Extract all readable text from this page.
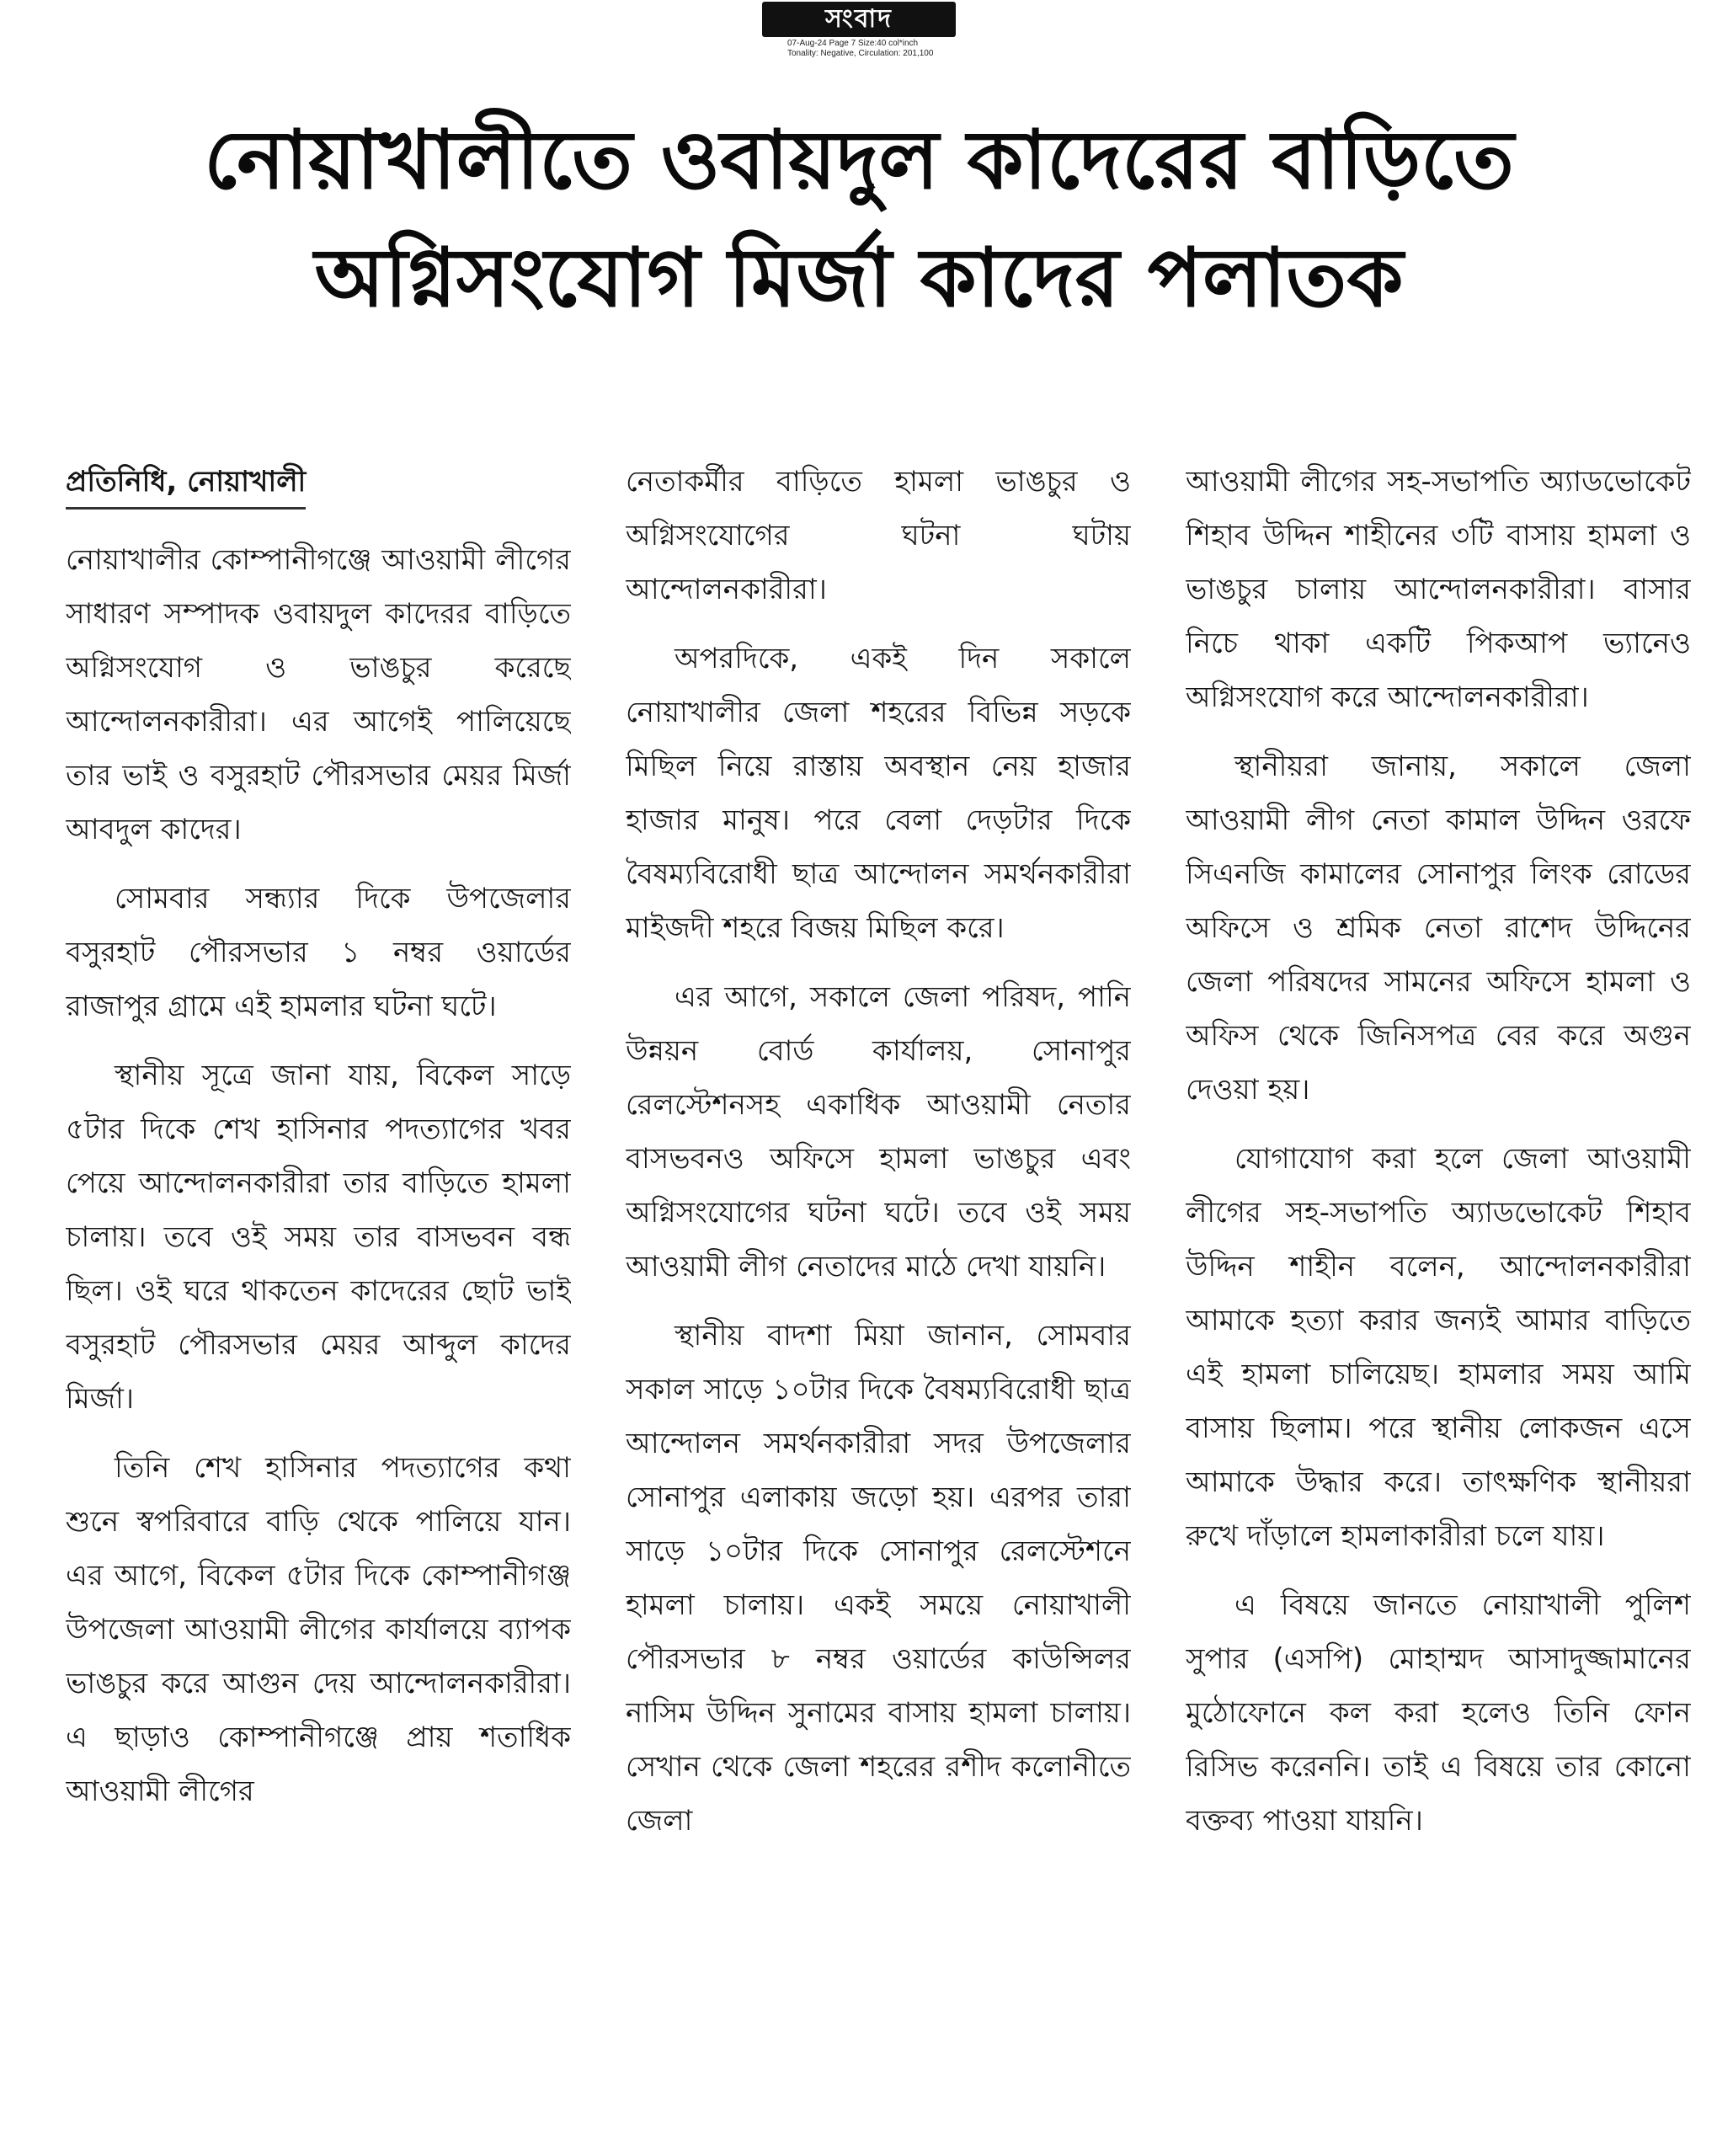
সংবাদ
07-Aug-24 Page 7 Size:40 col*inch
Tonality: Negative, Circulation: 201,100
নোয়াখালীতে ওবায়দুল কাদেরের বাড়িতে
অগ্নিসংযোগ মির্জা কাদের পলাতক
প্রতিনিধি, নোয়াখালী

নোয়াখালীর কোম্পানীগঞ্জে আওয়ামী লীগের সাধারণ সম্পাদক ওবায়দুল কাদেরর বাড়িতে অগ্নিসংযোগ ও ভাঙচুর করেছে আন্দোলনকারীরা। এর আগেই পালিয়েছে তার ভাই ও বসুরহাট পৌরসভার মেয়র মির্জা আবদুল কাদের।

সোমবার সন্ধ্যার দিকে উপজেলার বসুরহাট পৌরসভার ১ নম্বর ওয়ার্ডের রাজাপুর গ্রামে এই হামলার ঘটনা ঘটে।

স্থানীয় সূত্রে জানা যায়, বিকেল সাড়ে ৫টার দিকে শেখ হাসিনার পদত্যাগের খবর পেয়ে আন্দোলনকারীরা তার বাড়িতে হামলা চালায়। তবে ওই সময় তার বাসভবন বন্ধ ছিল। ওই ঘরে থাকতেন কাদেরের ছোট ভাই বসুরহাট পৌরসভার মেয়র আব্দুল কাদের মির্জা।

তিনি শেখ হাসিনার পদত্যাগের কথা শুনে স্বপরিবারে বাড়ি থেকে পালিয়ে যান। এর আগে, বিকেল ৫টার দিকে কোম্পানীগঞ্জ উপজেলা আওয়ামী লীগের কার্যালয়ে ব্যাপক ভাঙচুর করে আগুন দেয় আন্দোলনকারীরা। এ ছাড়াও কোম্পানীগঞ্জে প্রায় শতাধিক আওয়ামী লীগের

নেতাকর্মীর বাড়িতে হামলা ভাঙচুর ও অগ্নিসংযোগের ঘটনা ঘটায় আন্দোলনকারীরা।

অপরদিকে, একই দিন সকালে নোয়াখালীর জেলা শহরের বিভিন্ন সড়কে মিছিল নিয়ে রাস্তায় অবস্থান নেয় হাজার হাজার মানুষ। পরে বেলা দেড়টার দিকে বৈষম্যবিরোধী ছাত্র আন্দোলন সমর্থনকারীরা মাইজদী শহরে বিজয় মিছিল করে।

এর আগে, সকালে জেলা পরিষদ, পানি উন্নয়ন বোর্ড কার্যালয়, সোনাপুর রেলস্টেশনসহ একাধিক আওয়ামী নেতার বাসভবনও অফিসে হামলা ভাঙচুর এবং অগ্নিসংযোগের ঘটনা ঘটে। তবে ওই সময় আওয়ামী লীগ নেতাদের মাঠে দেখা যায়নি।

স্থানীয় বাদশা মিয়া জানান, সোমবার সকাল সাড়ে ১০টার দিকে বৈষম্যবিরোধী ছাত্র আন্দোলন সমর্থনকারীরা সদর উপজেলার সোনাপুর এলাকায় জড়ো হয়। এরপর তারা সাড়ে ১০টার দিকে সোনাপুর রেলস্টেশনে হামলা চালায়। একই সময়ে নোয়াখালী পৌরসভার ৮ নম্বর ওয়ার্ডের কাউন্সিলর নাসিম উদ্দিন সুনামের বাসায় হামলা চালায়। সেখান থেকে জেলা শহরের রশীদ কলোনীতে জেলা

আওয়ামী লীগের সহ-সভাপতি অ্যাডভোকেট শিহাব উদ্দিন শাহীনের ৩টি বাসায় হামলা ও ভাঙচুর চালায় আন্দোলনকারীরা। বাসার নিচে থাকা একটি পিকআপ ভ্যানেও অগ্নিসংযোগ করে আন্দোলনকারীরা।

স্থানীয়রা জানায়, সকালে জেলা আওয়ামী লীগ নেতা কামাল উদ্দিন ওরফে সিএনজি কামালের সোনাপুর লিংক রোডের অফিসে ও শ্রমিক নেতা রাশেদ উদ্দিনের জেলা পরিষদের সামনের অফিসে হামলা ও অফিস থেকে জিনিসপত্র বের করে অগুন দেওয়া হয়।

যোগাযোগ করা হলে জেলা আওয়ামী লীগের সহ-সভাপতি অ্যাডভোকেট শিহাব উদ্দিন শাহীন বলেন, আন্দোলনকারীরা আমাকে হত্যা করার জন্যই আমার বাড়িতে এই হামলা চালিয়েছ। হামলার সময় আমি বাসায় ছিলাম। পরে স্থানীয় লোকজন এসে আমাকে উদ্ধার করে। তাৎক্ষণিক স্থানীয়রা রুখে দাঁড়ালে হামলাকারীরা চলে যায়।

এ বিষয়ে জানতে নোয়াখালী পুলিশ সুপার (এসপি) মোহাম্মদ আসাদুজ্জামানের মুঠোফোনে কল করা হলেও তিনি ফোন রিসিভ করেননি। তাই এ বিষয়ে তার কোনো বক্তব্য পাওয়া যায়নি।
